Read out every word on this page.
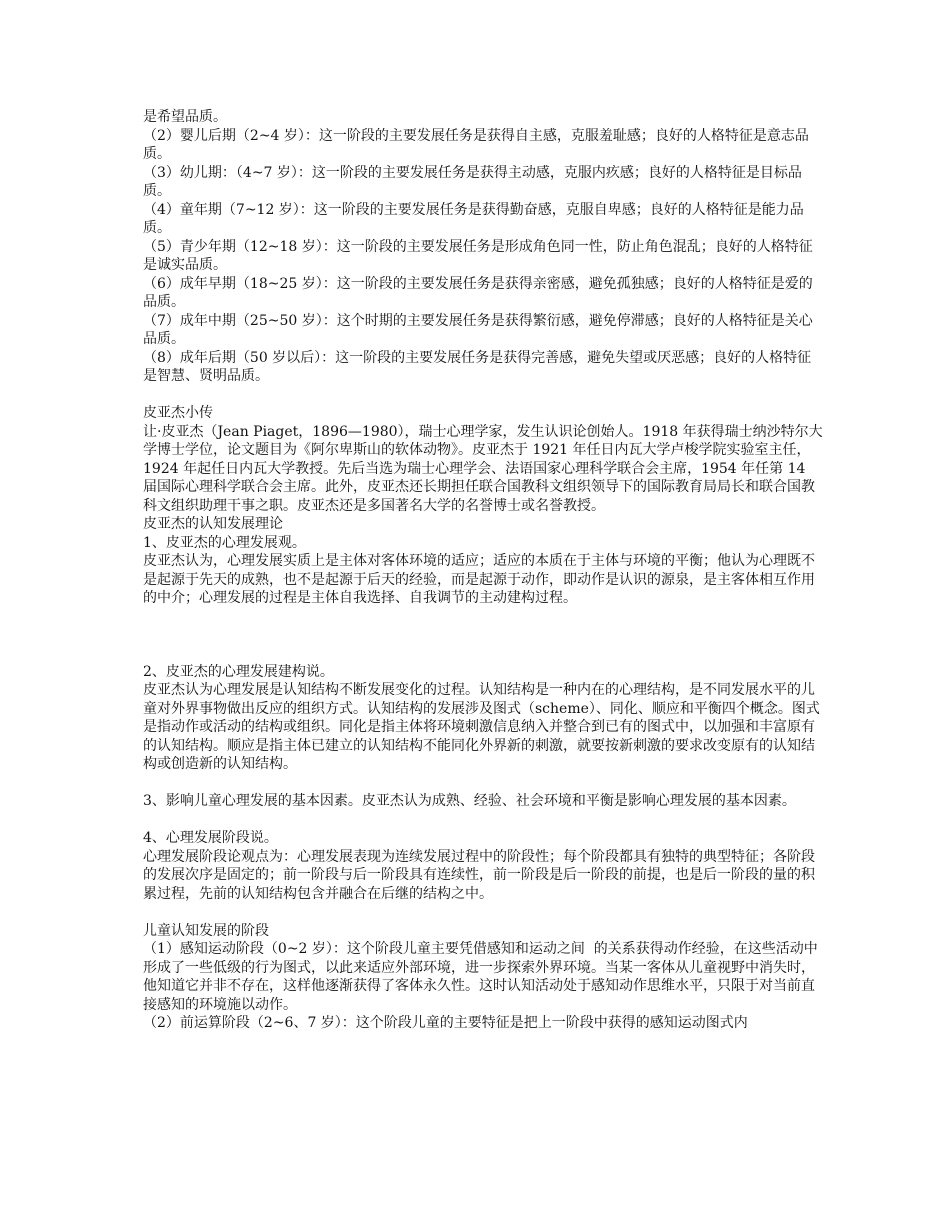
是希望品质。

（2）婴儿后期（2~4 岁）：这一阶段的主要发展任务是获得自主感，克服羞耻感；良好的人格特征是意志品质。

（3）幼儿期：（4~7 岁）：这一阶段的主要发展任务是获得主动感，克服内疚感；良好的人格特征是目标品质。

（4）童年期（7~12 岁）：这一阶段的主要发展任务是获得勤奋感，克服自卑感；良好的人格特征是能力品质。

（5）青少年期（12~18 岁）：这一阶段的主要发展任务是形成角色同一性，防止角色混乱；良好的人格特征是诚实品质。

（6）成年早期（18~25 岁）：这一阶段的主要发展任务是获得亲密感，避免孤独感；良好的人格特征是爱的品质。

（7）成年中期（25~50 岁）：这个时期的主要发展任务是获得繁衍感，避免停滞感；良好的人格特征是关心品质。

（8）成年后期（50 岁以后）：这一阶段的主要发展任务是获得完善感，避免失望或厌恶感；良好的人格特征是智慧、贤明品质。

皮亚杰小传

让·皮亚杰（Jean Piaget，1896—1980），瑞士心理学家，发生认识论创始人。1918 年获得瑞士纳沙特尔大学博士学位，论文题目为《阿尔卑斯山的软体动物》。皮亚杰于 1921 年任日内瓦大学卢梭学院实验室主任，1924 年起任日内瓦大学教授。先后当选为瑞士心理学会、法语国家心理科学联合会主席，1954 年任第 14 届国际心理科学联合会主席。此外，皮亚杰还长期担任联合国教科文组织领导下的国际教育局局长和联合国教科文组织助理干事之职。皮亚杰还是多国著名大学的名誉博士或名誉教授。

皮亚杰的认知发展理论

1、皮亚杰的心理发展观。

皮亚杰认为，心理发展实质上是主体对客体环境的适应；适应的本质在于主体与环境的平衡；他认为心理既不是起源于先天的成熟，也不是起源于后天的经验，而是起源于动作，即动作是认识的源泉，是主客体相互作用的中介；心理发展的过程是主体自我选择、自我调节的主动建构过程。

2、皮亚杰的心理发展建构说。

皮亚杰认为心理发展是认知结构不断发展变化的过程。认知结构是一种内在的心理结构，是不同发展水平的儿童对外界事物做出反应的组织方式。认知结构的发展涉及图式（scheme）、同化、顺应和平衡四个概念。图式是指动作或活动的结构或组织。同化是指主体将环境刺激信息纳入并整合到已有的图式中，以加强和丰富原有的认知结构。顺应是指主体已建立的认知结构不能同化外界新的刺激，就要按新刺激的要求改变原有的认知结构或创造新的认知结构。

3、影响儿童心理发展的基本因素。皮亚杰认为成熟、经验、社会环境和平衡是影响心理发展的基本因素。

4、心理发展阶段说。

心理发展阶段论观点为：心理发展表现为连续发展过程中的阶段性；每个阶段都具有独特的典型特征；各阶段的发展次序是固定的；前一阶段与后一阶段具有连续性，前一阶段是后一阶段的前提，也是后一阶段的量的积累过程，先前的认知结构包含并融合在后继的结构之中。

儿童认知发展的阶段

（1）感知运动阶段（0~2 岁）：这个阶段儿童主要凭借感知和运动之间  的关系获得动作经验，在这些活动中形成了一些低级的行为图式，以此来适应外部环境，进一步探索外界环境。当某一客体从儿童视野中消失时，他知道它并非不存在，这样他逐渐获得了客体永久性。这时认知活动处于感知动作思维水平，只限于对当前直接感知的环境施以动作。

（2）前运算阶段（2~6、7 岁）：这个阶段儿童的主要特征是把上一阶段中获得的感知运动图式内
